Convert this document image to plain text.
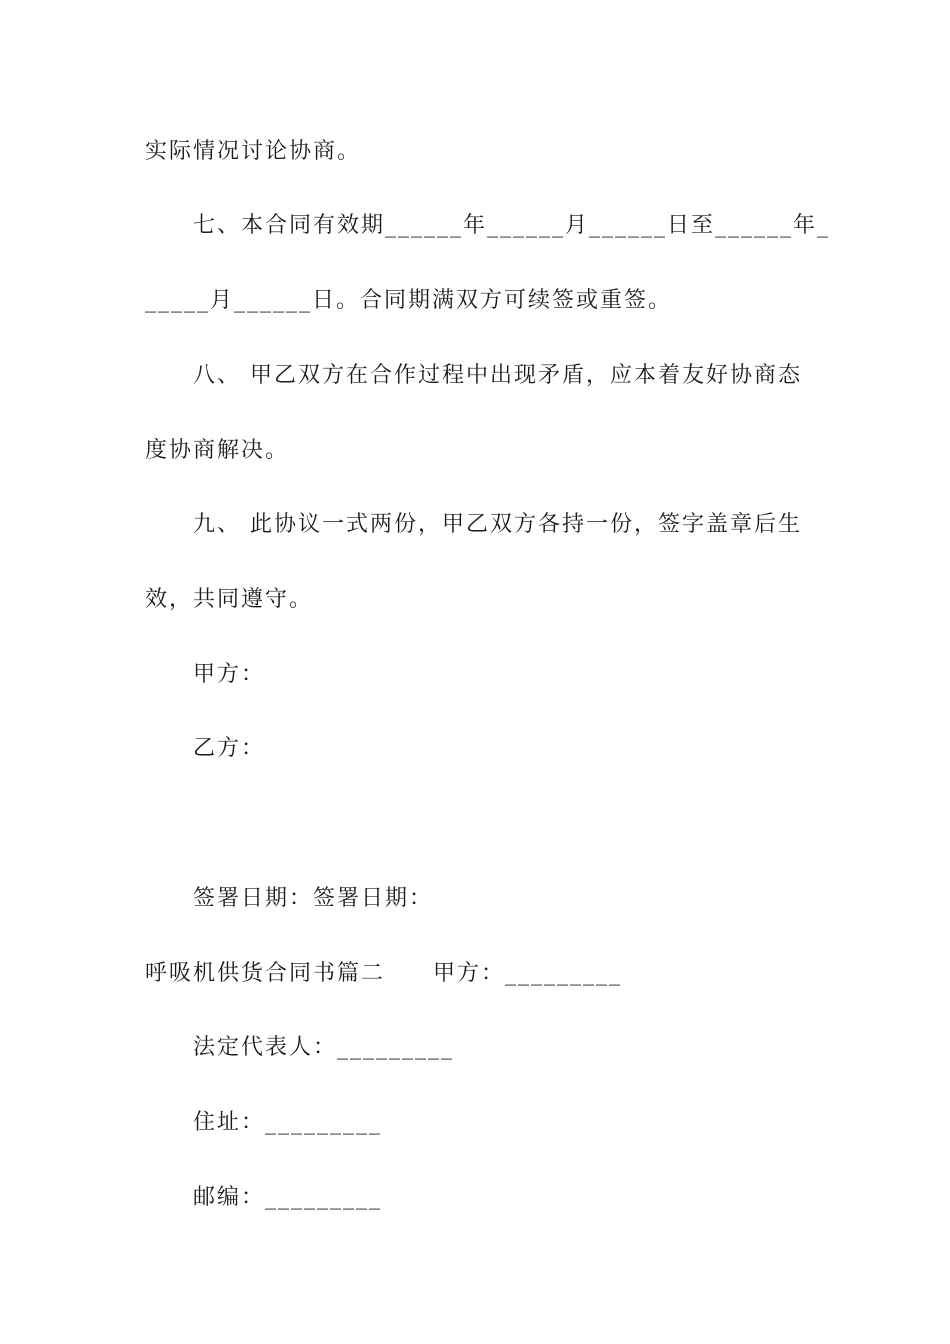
实际情况讨论协商。
七、本合同有效期______年______月______日至______年_
_____月______日。合同期满双方可续签或重签。
八、 甲乙双方在合作过程中出现矛盾，应本着友好协商态
度协商解决。
九、 此协议一式两份，甲乙双方各持一份，签字盖章后生
效，共同遵守。
甲方：
乙方：
签署日期：签署日期：
呼吸机供货合同书篇二　　甲方：_________
法定代表人：_________
住址：_________
邮编：_________
